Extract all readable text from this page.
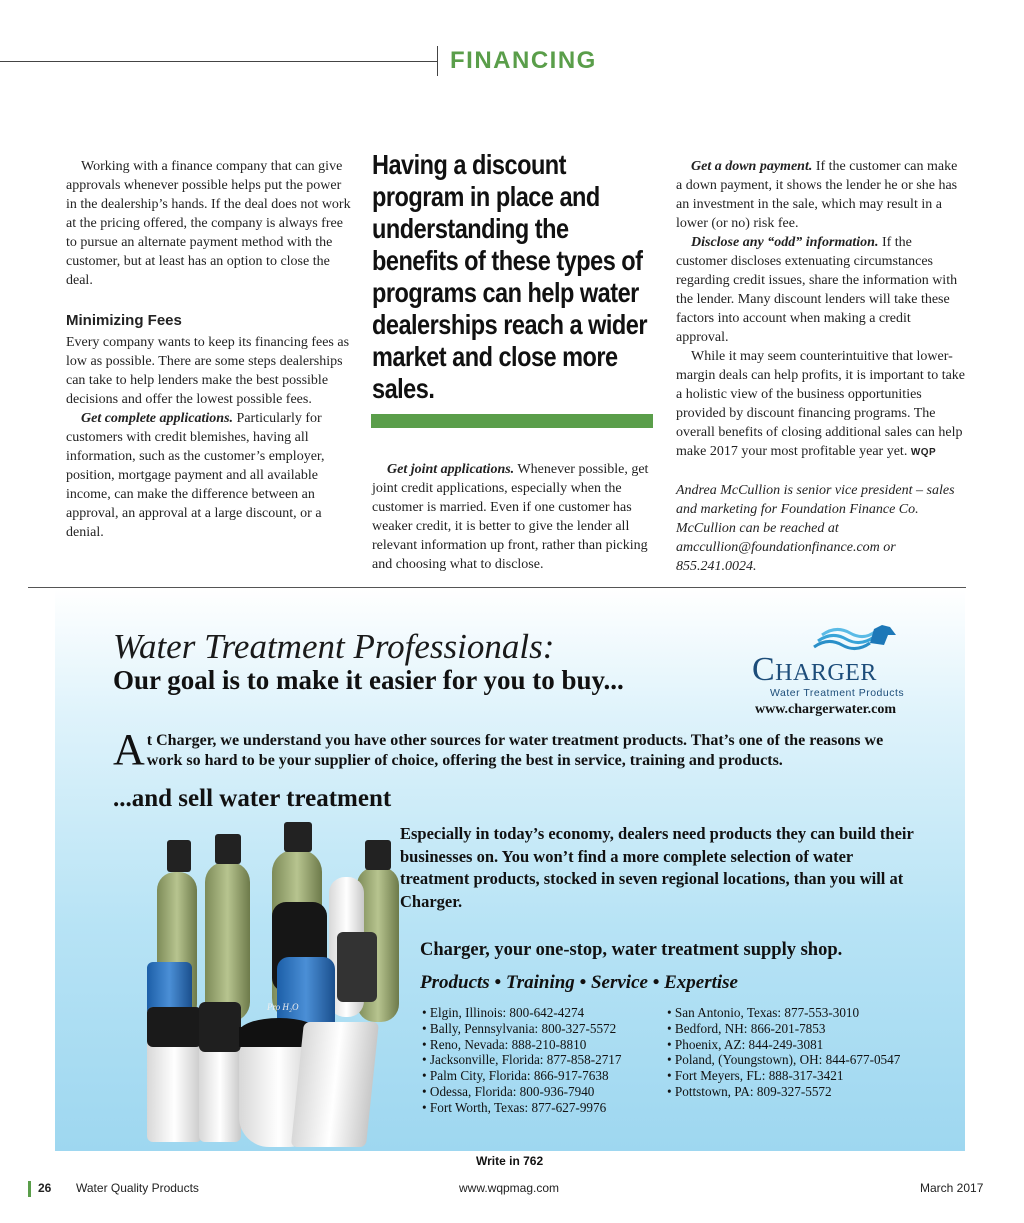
FINANCING

Working with a finance company that can give approvals whenever possible helps put the power in the dealership’s hands. If the deal does not work at the pricing offered, the company is always free to pursue an alternate payment method with the customer, but at least has an option to close the deal.

Minimizing Fees

Every company wants to keep its financing fees as low as possible. There are some steps dealerships can take to help lenders make the best possible decisions and offer the lowest possible fees.

Get complete applications. Particularly for customers with credit blemishes, having all information, such as the customer’s employer, position, mortgage payment and all available income, can make the difference between an approval, an approval at a large discount, or a denial.

Having a discount program in place and understanding the benefits of these types of programs can help water dealerships reach a wider market and close more sales.

Get joint applications. Whenever possible, get joint credit applications, especially when the customer is married. Even if one customer has weaker credit, it is better to give the lender all relevant information up front, rather than picking and choosing what to disclose.

Get a down payment. If the customer can make a down payment, it shows the lender he or she has an investment in the sale, which may result in a lower (or no) risk fee.

Disclose any “odd” information. If the customer discloses extenuating circumstances regarding credit issues, share the information with the lender. Many discount lenders will take these factors into account when making a credit approval.

While it may seem counterintuitive that lower-margin deals can help profits, it is important to take a holistic view of the business opportunities provided by discount financing programs. The overall benefits of closing additional sales can help make 2017 your most profitable year yet. WQP

Andrea McCullion is senior vice president – sales and marketing for Foundation Finance Co. McCullion can be reached at amccullion@foundationfinance.com or 855.241.0024.

Water Treatment Professionals:
Our goal is to make it easier for you to buy...	Charger
Water Treatment Products
www.chargerwater.com
At Charger, we understand you have other sources for water treatment products. That’s one of the reasons we work so hard to be your supplier of choice, offering the best in service, training and products.
...and sell water treatment
Pro H₂O
Especially in today’s economy, dealers need products they can build their businesses on. You won’t find a more complete selection of water treatment products, stocked in seven regional locations, than you will at Charger.
Charger, your one-stop, water treatment supply shop.
Products • Training • Service • Expertise
• Elgin, Illinois: 800-642-4274
• Bally, Pennsylvania: 800-327-5572
• Reno, Nevada: 888-210-8810
• Jacksonville, Florida: 877-858-2717
• Palm City, Florida: 866-917-7638
• Odessa, Florida: 800-936-7940
• Fort Worth, Texas: 877-627-9976
• San Antonio, Texas: 877-553-3010
• Bedford, NH: 866-201-7853
• Phoenix, AZ: 844-249-3081
• Poland, (Youngstown), OH: 844-677-0547
• Fort Meyers, FL: 888-317-3421
• Pottstown, PA: 809-327-5572
Write in 762
26 Water Quality Products	www.wqpmag.com	March 2017
